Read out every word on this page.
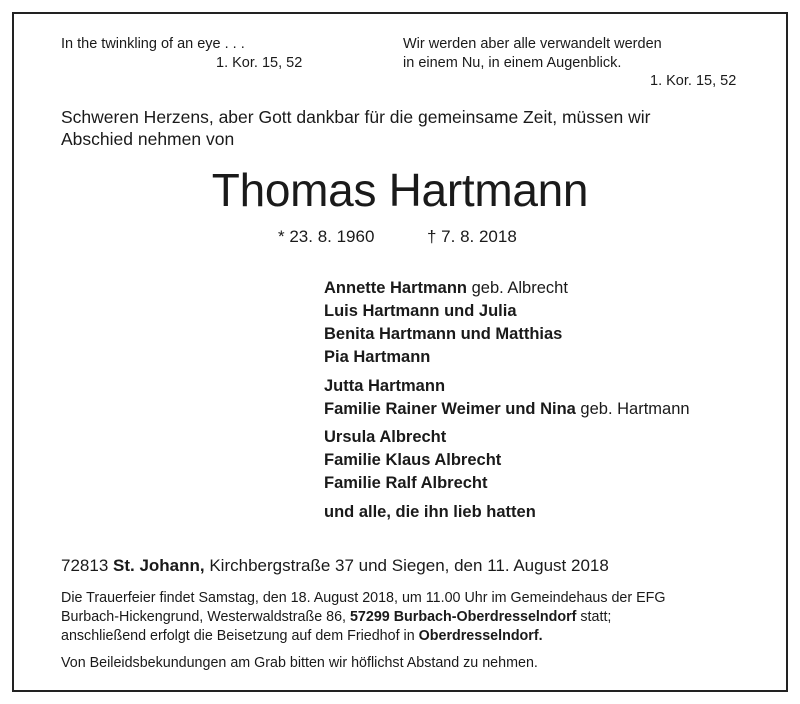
In the twinkling of an eye . . .
1. Kor. 15, 52
Wir werden aber alle verwandelt werden
in einem Nu, in einem Augenblick.
1. Kor. 15, 52
Schweren Herzens, aber Gott dankbar für die gemeinsame Zeit, müssen wir
Abschied nehmen von
Thomas Hartmann
* 23. 8. 1960	† 7. 8. 2018
Annette Hartmann geb. Albrecht
Luis Hartmann und Julia
Benita Hartmann und Matthias
Pia Hartmann
Jutta Hartmann
Familie Rainer Weimer und Nina geb. Hartmann
Ursula Albrecht
Familie Klaus Albrecht
Familie Ralf Albrecht
und alle, die ihn lieb hatten
72813 St. Johann, Kirchbergstraße 37 und Siegen, den 11. August 2018
Die Trauerfeier findet Samstag, den 18. August 2018, um 11.00 Uhr im Gemeindehaus der EFG
Burbach-Hickengrund, Westerwaldstraße 86, 57299 Burbach-Oberdresselndorf statt;
anschließend erfolgt die Beisetzung auf dem Friedhof in Oberdresselndorf.
Von Beileidsbekundungen am Grab bitten wir höflichst Abstand zu nehmen.
